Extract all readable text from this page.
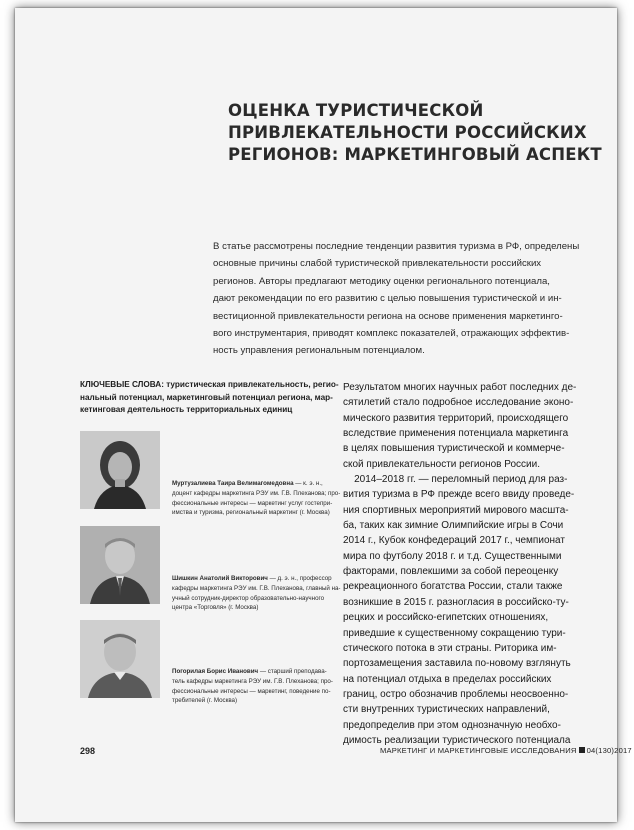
ОЦЕНКА ТУРИСТИЧЕСКОЙ
ПРИВЛЕКАТЕЛЬНОСТИ РОССИЙСКИХ
РЕГИОНОВ: МАРКЕТИНГОВЫЙ АСПЕКТ
В статье рассмотрены последние тенденции развития туризма в РФ, определены
основные причины слабой туристической привлекательности российских
регионов. Авторы предлагают методику оценки регионального потенциала,
дают рекомендации по его развитию с целью повышения туристической и ин-
вестиционной привлекательности региона на основе применения маркетинго-
вого инструментария, приводят комплекс показателей, отражающих эффектив-
ность управления региональным потенциалом.
КЛЮЧЕВЫЕ СЛОВА: туристическая привлекательность, регио-
нальный потенциал, маркетинговый потенциал региона, мар-
кетинговая деятельность территориальных единиц
Муртузалиева Таира Велимагомедовна — к. э. н.,
доцент кафедры маркетинга РЭУ им. Г.В. Плеханова; про-
фессиональные интересы — маркетинг услуг гостепри-
имства и туризма, региональный маркетинг (г. Москва)
Шишкин Анатолий Викторович — д. э. н., профессор
кафедры маркетинга РЭУ им. Г.В. Плеханова, главный на-
учный сотрудник-директор образовательно-научного
центра «Торговля» (г. Москва)
Погорилая Борис Иванович — старший преподава-
тель кафедры маркетинга РЭУ им. Г.В. Плеханова; про-
фессиональные интересы — маркетинг, поведение по-
требителей (г. Москва)
Результатом многих научных работ последних де-
сятилетий стало подробное исследование эконо-
мического развития территорий, происходящего
вследствие применения потенциала маркетинга
в целях повышения туристической и коммерче-
ской привлекательности регионов России.
2014–2018 гг. — переломный период для раз-
вития туризма в РФ прежде всего ввиду проведе-
ния спортивных мероприятий мирового масшта-
ба, таких как зимние Олимпийские игры в Сочи
2014 г., Кубок конфедераций 2017 г., чемпионат
мира по футболу 2018 г. и т.д. Существенными
факторами, повлекшими за собой переоценку
рекреационного богатства России, стали также
возникшие в 2015 г. разногласия в российско-ту-
рецких и российско-египетских отношениях,
приведшие к существенному сокращению тури-
стического потока в эти страны. Риторика им-
портозамещения заставила по-новому взглянуть
на потенциал отдыха в пределах российских
границ, остро обозначив проблемы неосвоенно-
сти внутренних туристических направлений,
предопределив при этом однозначную необхо-
димость реализации туристического потенциала
298	МАРКЕТИНГ И МАРКЕТИНГОВЫЕ ИССЛЕДОВАНИЯ 04(130)2017
